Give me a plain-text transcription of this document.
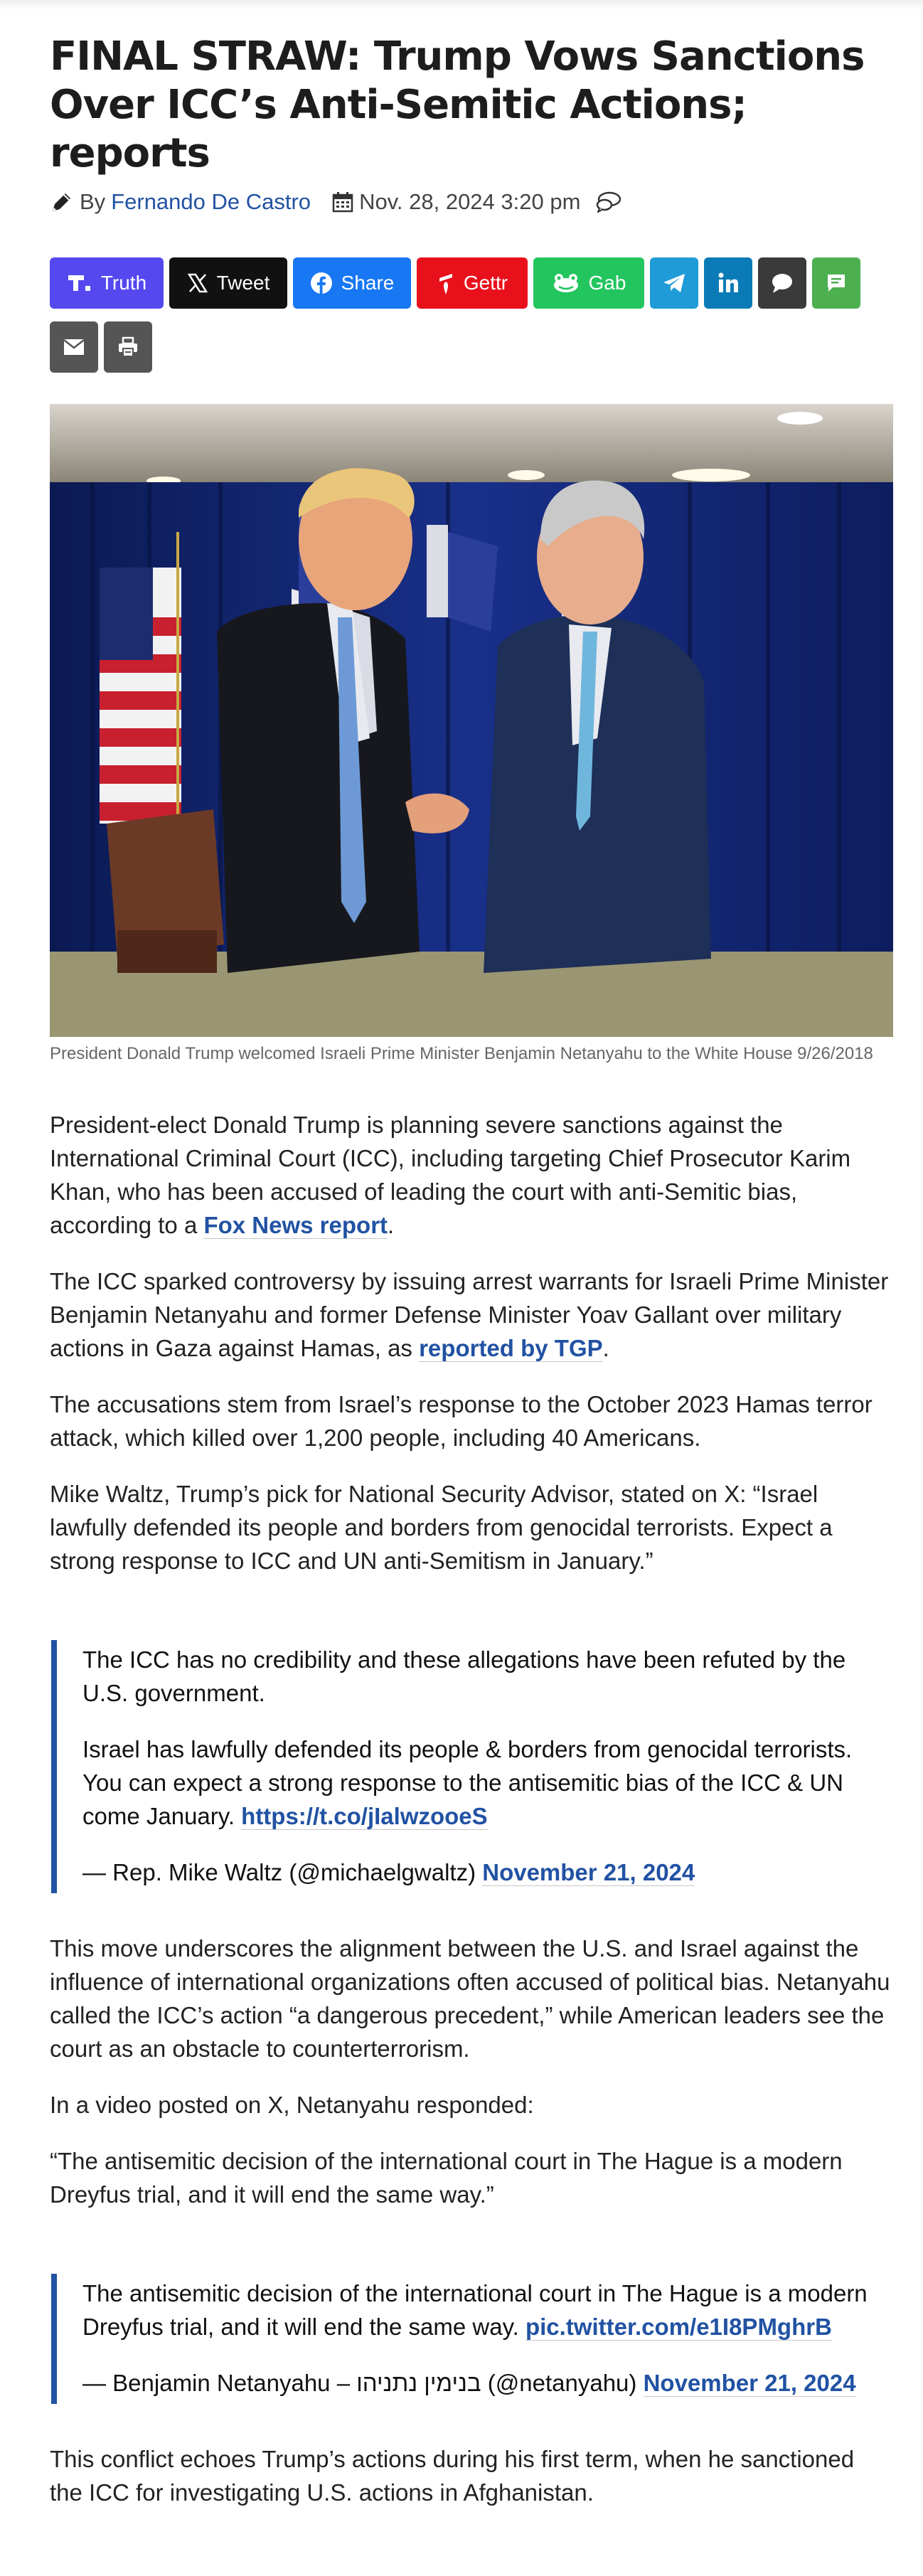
FINAL STRAW: Trump Vows Sanctions Over ICC’s Anti-Semitic Actions; reports
By Fernando De Castro Nov. 28, 2024 3:20 pm
Truth	Tweet	Share	Gettr	Gab
President Donald Trump welcomed Israeli Prime Minister Benjamin Netanyahu to the White House 9/26/2018

President-elect Donald Trump is planning severe sanctions against the International Criminal Court (ICC), including targeting Chief Prosecutor Karim Khan, who has been accused of leading the court with anti-Semitic bias, according to a Fox News report.

The ICC sparked controversy by issuing arrest warrants for Israeli Prime Minister Benjamin Netanyahu and former Defense Minister Yoav Gallant over military actions in Gaza against Hamas, as reported by TGP.

The accusations stem from Israel’s response to the October 2023 Hamas terror attack, which killed over 1,200 people, including 40 Americans.

Mike Waltz, Trump’s pick for National Security Advisor, stated on X: “Israel lawfully defended its people and borders from genocidal terrorists. Expect a strong response to ICC and UN anti-Semitism in January.”

The ICC has no credibility and these allegations have been refuted by the U.S. government.

Israel has lawfully defended its people & borders from genocidal terrorists. You can expect a strong response to the antisemitic bias of the ICC & UN come January. https://t.co/jIalwzooeS

— Rep. Mike Waltz (@michaelgwaltz) November 21, 2024

This move underscores the alignment between the U.S. and Israel against the influence of international organizations often accused of political bias. Netanyahu called the ICC’s action “a dangerous precedent,” while American leaders see the court as an obstacle to counterterrorism.

In a video posted on X, Netanyahu responded:

“The antisemitic decision of the international court in The Hague is a modern Dreyfus trial, and it will end the same way.”

The antisemitic decision of the international court in The Hague is a modern Dreyfus trial, and it will end the same way. pic.twitter.com/e1I8PMghrB

— Benjamin Netanyahu – בנימין נתניהו (@netanyahu) November 21, 2024

This conflict echoes Trump’s actions during his first term, when he sanctioned the ICC for investigating U.S. actions in Afghanistan.
